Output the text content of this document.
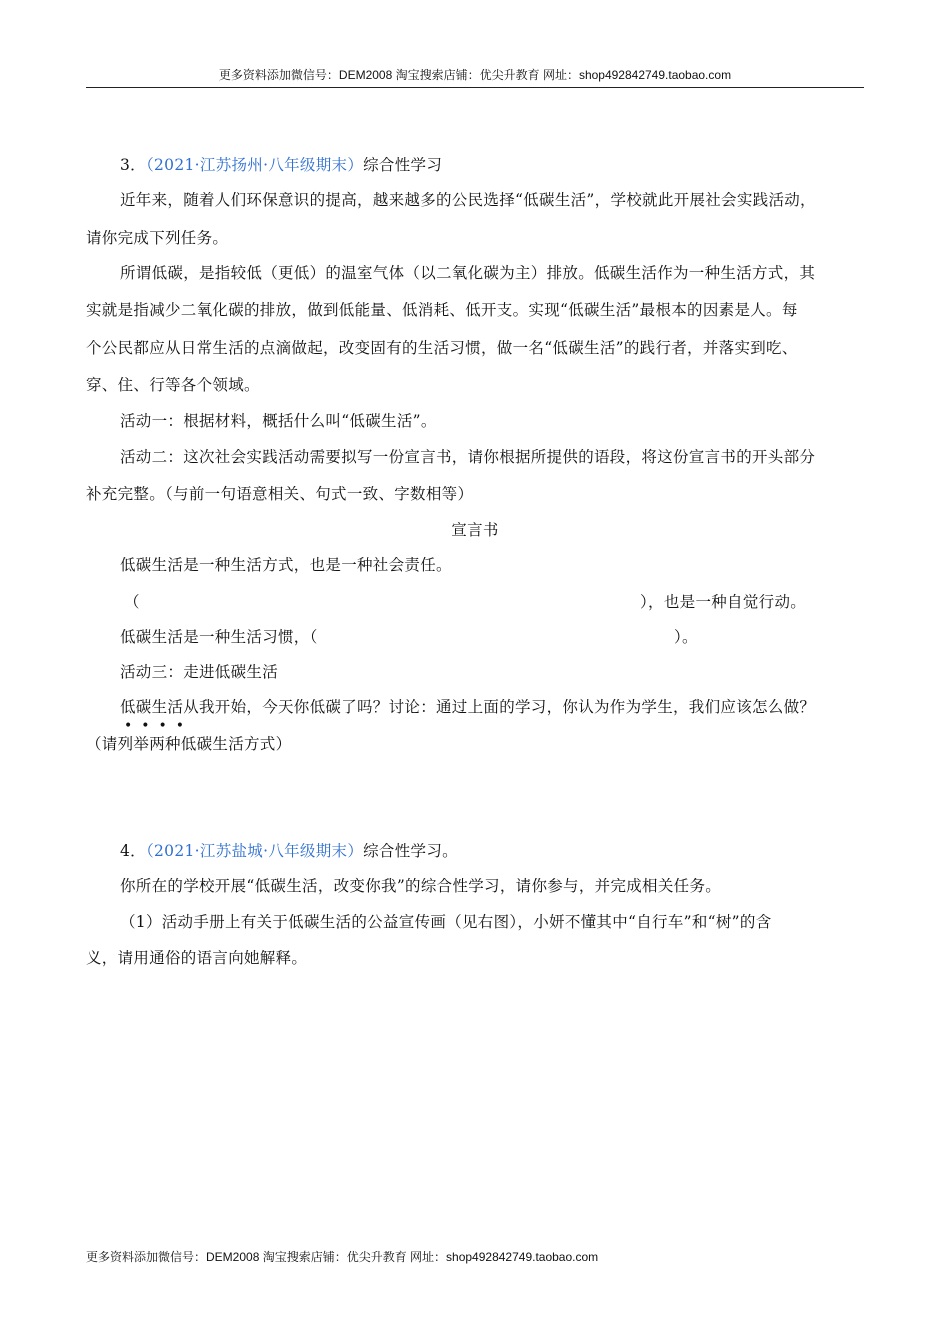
更多资料添加微信号：DEM2008 淘宝搜索店铺：优尖升教育 网址：shop492842749.taobao.com
3．（2021·江苏扬州·八年级期末）综合性学习
近年来，随着人们环保意识的提高，越来越多的公民选择“低碳生活”，学校就此开展社会实践活动，
请你完成下列任务。
所谓低碳，是指较低（更低）的温室气体（以二氧化碳为主）排放。低碳生活作为一种生活方式，其
实就是指减少二氧化碳的排放，做到低能量、低消耗、低开支。实现“低碳生活”最根本的因素是人。每
个公民都应从日常生活的点滴做起，改变固有的生活习惯，做一名“低碳生活”的践行者，并落实到吃、
穿、住、行等各个领域。
活动一：根据材料，概括什么叫“低碳生活”。
活动二：这次社会实践活动需要拟写一份宣言书，请你根据所提供的语段，将这份宣言书的开头部分
补充完整。（与前一句语意相关、句式一致、字数相等）
宣言书
低碳生活是一种生活方式，也是一种社会责任。
（	），也是一种自觉行动。
低碳生活是一种生活习惯，（	）。
活动三：走进低碳生活
低碳生活从我开始，今天你低碳了吗？讨论：通过上面的学习，你认为作为学生，我们应该怎么做？
••••
（请列举两种低碳生活方式）
4．（2021·江苏盐城·八年级期末）综合性学习。
你所在的学校开展“低碳生活，改变你我”的综合性学习，请你参与，并完成相关任务。
（1）活动手册上有关于低碳生活的公益宣传画（见右图），小妍不懂其中“自行车”和“树”的含
义，请用通俗的语言向她解释。
更多资料添加微信号：DEM2008 淘宝搜索店铺：优尖升教育 网址：shop492842749.taobao.com
